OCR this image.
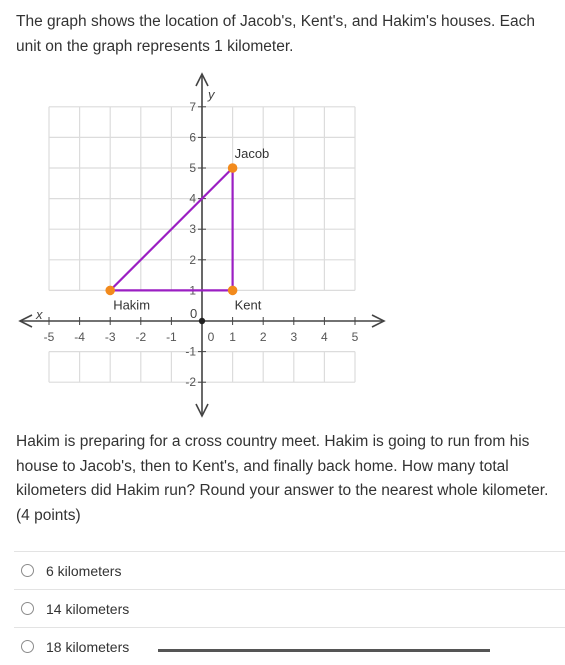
The graph shows the location of Jacob's, Kent's, and Hakim's houses. Each unit on the graph represents 1 kilometer.

x
y
0
-5 -4 -3 -2 -1	0 1 2 3 4 5
-2
-1
1
2
3
4
5
6
7
Jacob
Kent
Hakim

Hakim is preparing for a cross country meet. Hakim is going to run from his house to Jacob's, then to Kent's, and finally back home. How many total kilometers did Hakim run? Round your answer to the nearest whole kilometer. (4 points)

6 kilometers
14 kilometers
18 kilometers
